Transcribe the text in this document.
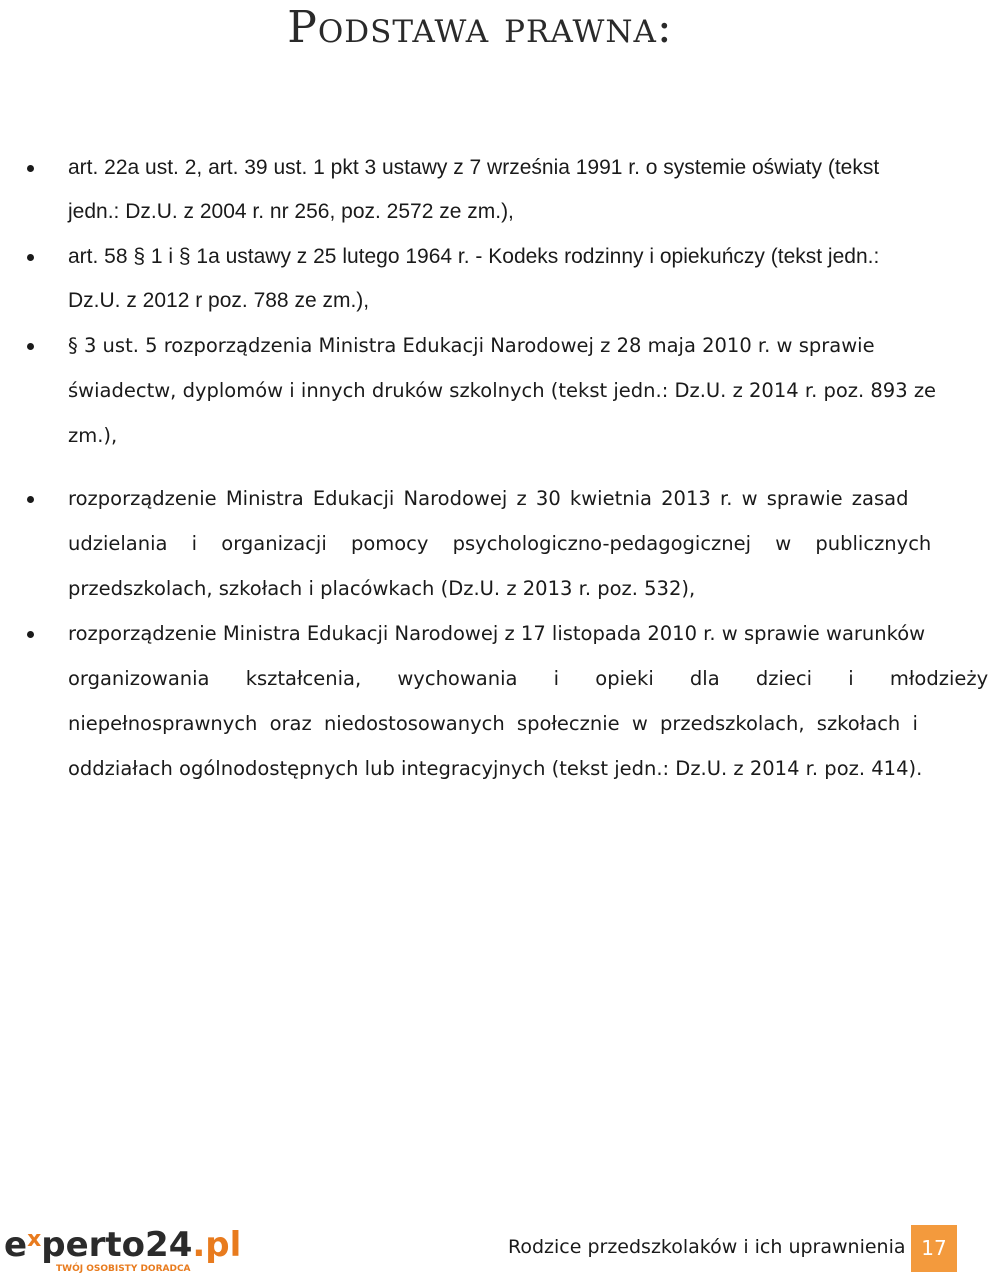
Podstawa prawna:
art. 22a ust. 2, art. 39 ust. 1 pkt 3 ustawy z 7 września 1991 r. o systemie oświaty (tekst
jedn.: Dz.U. z 2004 r. nr 256, poz. 2572 ze zm.),
art. 58 § 1 i § 1a ustawy z 25 lutego 1964 r. - Kodeks rodzinny i opiekuńczy (tekst jedn.:
Dz.U. z 2012 r poz. 788 ze zm.),
§ 3 ust. 5 rozporządzenia Ministra Edukacji Narodowej z 28 maja 2010 r. w sprawie
świadectw, dyplomów i innych druków szkolnych (tekst jedn.: Dz.U. z 2014 r. poz. 893 ze
zm.),
rozporządzenie Ministra Edukacji Narodowej z 30 kwietnia 2013 r. w sprawie zasad
udzielania i organizacji pomocy psychologiczno-pedagogicznej w publicznych
przedszkolach, szkołach i placówkach (Dz.U. z 2013 r. poz. 532),
rozporządzenie Ministra Edukacji Narodowej z 17 listopada 2010 r. w sprawie warunków
organizowania kształcenia, wychowania i opieki dla dzieci i młodzieży
niepełnosprawnych oraz niedostosowanych społecznie w przedszkolach, szkołach i
oddziałach ogólnodostępnych lub integracyjnych (tekst jedn.: Dz.U. z 2014 r. poz. 414).
$e^xperto24.pl$
TWÓJ OSOBISTY DORADCA
Rodzice przedszkolaków i ich uprawnienia 17
